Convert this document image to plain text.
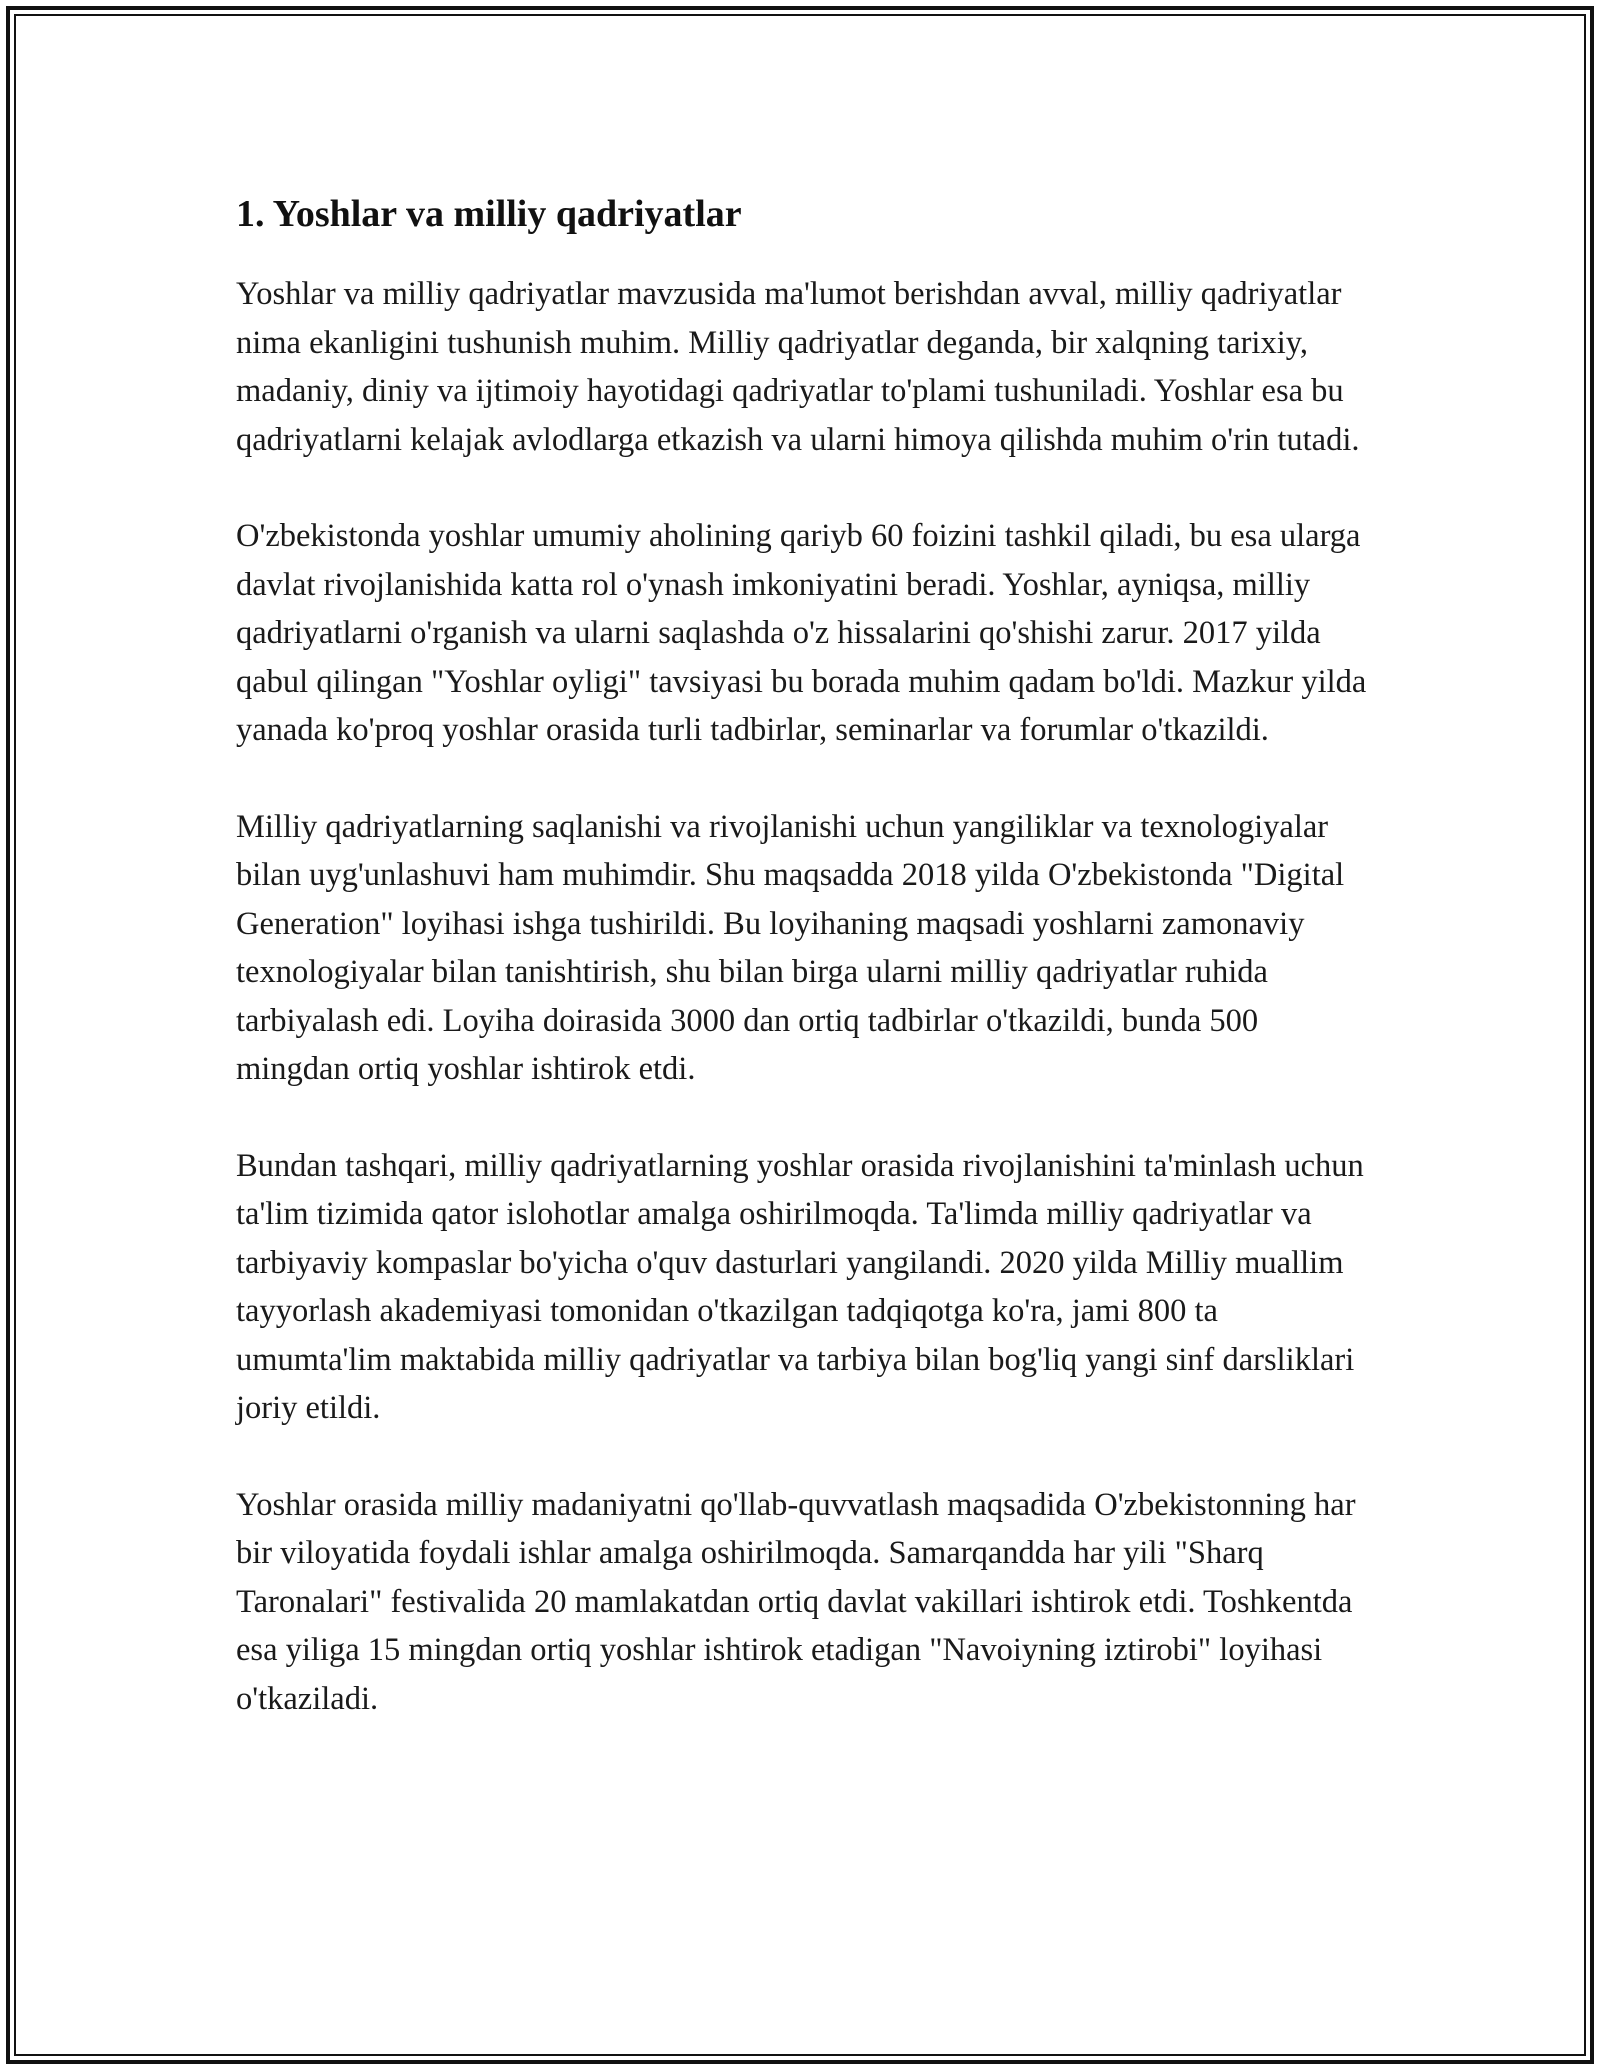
1. Yoshlar va milliy qadriyatlar

Yoshlar va milliy qadriyatlar mavzusida ma'lumot berishdan avval, milliy qadriyatlar nima ekanligini tushunish muhim. Milliy qadriyatlar deganda, bir xalqning tarixiy, madaniy, diniy va ijtimoiy hayotidagi qadriyatlar to'plami tushuniladi. Yoshlar esa bu qadriyatlarni kelajak avlodlarga etkazish va ularni himoya qilishda muhim o'rin tutadi.

O'zbekistonda yoshlar umumiy aholining qariyb 60 foizini tashkil qiladi, bu esa ularga davlat rivojlanishida katta rol o'ynash imkoniyatini beradi. Yoshlar, ayniqsa, milliy qadriyatlarni o'rganish va ularni saqlashda o'z hissalarini qo'shishi zarur. 2017 yilda qabul qilingan "Yoshlar oyligi" tavsiyasi bu borada muhim qadam bo'ldi. Mazkur yilda yanada ko'proq yoshlar orasida turli tadbirlar, seminarlar va forumlar o'tkazildi.

Milliy qadriyatlarning saqlanishi va rivojlanishi uchun yangiliklar va texnologiyalar bilan uyg'unlashuvi ham muhimdir. Shu maqsadda 2018 yilda O'zbekistonda "Digital Generation" loyihasi ishga tushirildi. Bu loyihaning maqsadi yoshlarni zamonaviy texnologiyalar bilan tanishtirish, shu bilan birga ularni milliy qadriyatlar ruhida tarbiyalash edi. Loyiha doirasida 3000 dan ortiq tadbirlar o'tkazildi, bunda 500 mingdan ortiq yoshlar ishtirok etdi.

Bundan tashqari, milliy qadriyatlarning yoshlar orasida rivojlanishini ta'minlash uchun ta'lim tizimida qator islohotlar amalga oshirilmoqda. Ta'limda milliy qadriyatlar va tarbiyaviy kompaslar bo'yicha o'quv dasturlari yangilandi. 2020 yilda Milliy muallim tayyorlash akademiyasi tomonidan o'tkazilgan tadqiqotga ko'ra, jami 800 ta umumta'lim maktabida milliy qadriyatlar va tarbiya bilan bog'liq yangi sinf darsliklari joriy etildi.

Yoshlar orasida milliy madaniyatni qo'llab-quvvatlash maqsadida O'zbekistonning har bir viloyatida foydali ishlar amalga oshirilmoqda. Samarqandda har yili "Sharq Taronalari" festivalida 20 mamlakatdan ortiq davlat vakillari ishtirok etdi. Toshkentda esa yiliga 15 mingdan ortiq yoshlar ishtirok etadigan "Navoiyning iztirobi" loyihasi o'tkaziladi.
